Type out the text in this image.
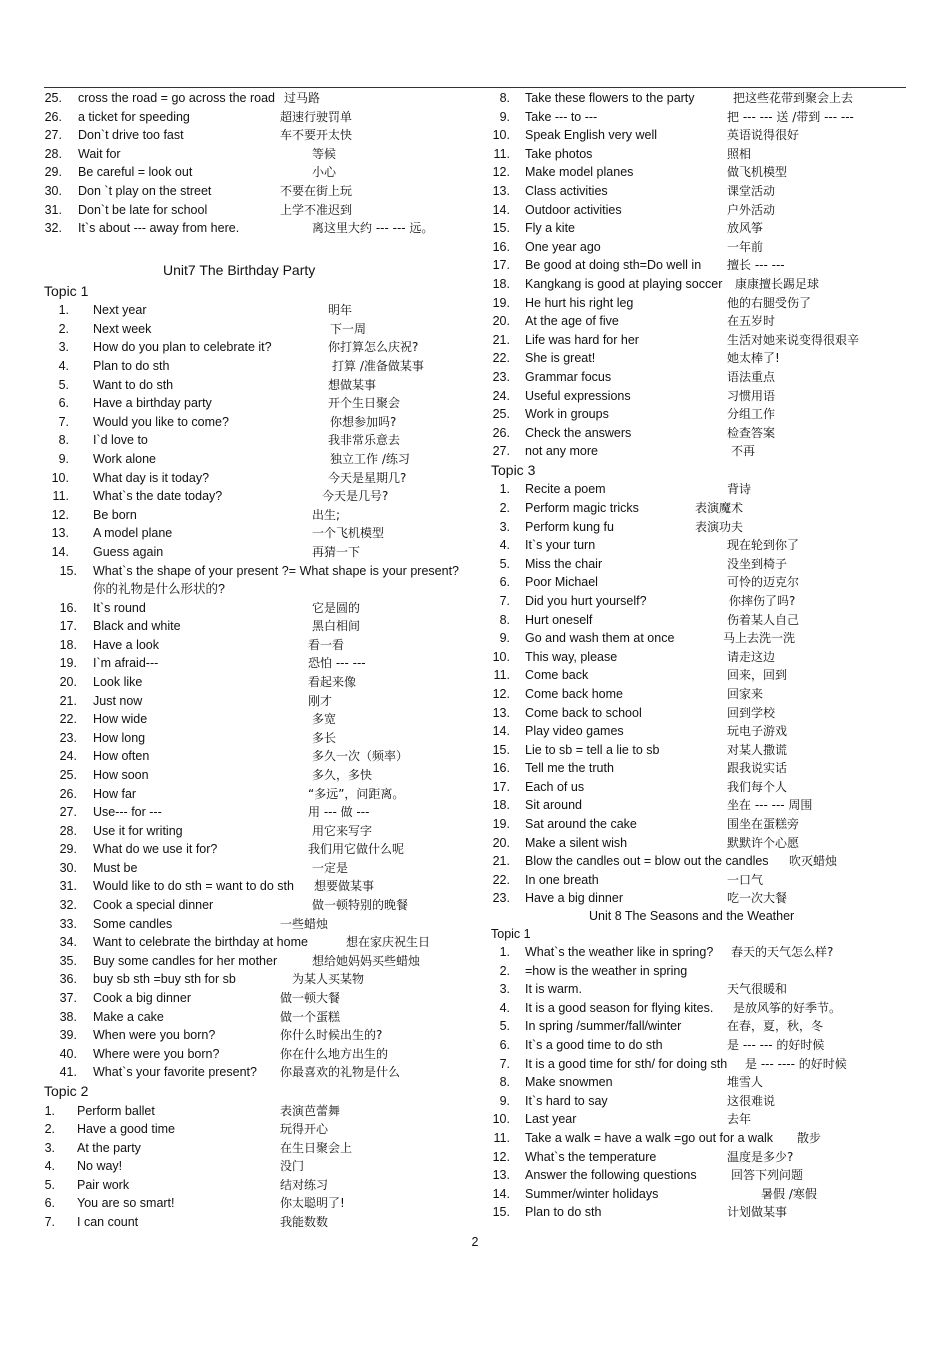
25. cross the road = go across the road 过马路
26. a ticket for speeding	超速行驶罚单
27. Don`t drive too fast	车不要开太快
28. Wait for	等候
29. Be careful = look out	小心
30. Don `t play on the street	不要在街上玩
31. Don`t be late for school	上学不准迟到
32. It`s about --- away from here.	离这里大约 --- --- 远。
Unit7 The Birthday Party
Topic 1
1. Next year	明年
2. Next week	下一周
3. How do you plan to celebrate it?	你打算怎么庆祝?
4. Plan to do sth	打算 /准备做某事
5. Want to do sth	想做某事
6. Have a birthday party	开个生日聚会
7. Would you like to come?	你想参加吗?
8. I`d love to	我非常乐意去
9. Work alone	独立工作 /练习
10. What day is it today?	今天是星期几?
11. What`s the date today?	今天是几号?
12. Be born	出生;
13. A model plane	一个飞机模型
14. Guess again	再猜一下
15. What`s the shape of your present ?= What shape is your present?你的礼物是什么形状的?
16. It`s round	它是圆的
17. Black and white	黑白相间
18. Have a look	看一看
19. I`m afraid---	恐怕 --- ---
20. Look like	看起来像
21. Just now	刚才
22. How wide	多宽
23. How long	多长
24. How often	多久一次（频率）
25. How soon	多久，多快
26. How far	“多远”，问距离。
27. Use--- for ---	用 --- 做 ---
28. Use it for writing	用它来写字
29. What do we use it for?	我们用它做什么呢
30. Must be	一定是
31. Would like to do sth = want to do sth 想要做某事
32. Cook a special dinner	做一顿特别的晚餐
33. Some candles	一些蜡烛
34. Want to celebrate the birthday at home	想在家庆祝生日
35. Buy some candles for her mother	想给她妈妈买些蜡烛
36. buy sb sth =buy sth for sb	为某人买某物
37. Cook a big dinner	做一顿大餐
38. Make a cake	做一个蛋糕
39. When were you born?	你什么时候出生的?
40. Where were you born?	你在什么地方出生的
41. What`s your favorite present? 你最喜欢的礼物是什么
Topic 2
1. Perform ballet	表演芭蕾舞
2. Have a good time	玩得开心
3. At the party	在生日聚会上
4. No way!	没门
5. Pair work	结对练习
6. You are so smart!	你太聪明了!
7. I can count	我能数数
8. Take these flowers to the party	把这些花带到聚会上去
9. Take --- to ---	把 --- --- 送 /带到 --- ---
10. Speak English very well	英语说得很好
11. Take photos	照相
12. Make model planes	做飞机模型
13. Class activities	课堂活动
14. Outdoor activities	户外活动
15. Fly a kite	放风筝
16. One year ago	一年前
17. Be good at doing sth=Do well in 擅长 --- ---
18. Kangkang is good at playing soccer 康康擅长踢足球
19. He hurt his right leg	他的右腿受伤了
20. At the age of five	在五岁时
21. Life was hard for her	生活对她来说变得很艰辛
22. She is great!	她太棒了!
23. Grammar focus	语法重点
24. Useful expressions	习惯用语
25. Work in groups	分组工作
26. Check the answers	检查答案
27. not any more	不再
Topic 3
1. Recite a poem	背诗
2. Perform magic tricks	表演魔术
3. Perform kung fu	表演功夫
4. It`s your turn	现在轮到你了
5. Miss the chair	没坐到椅子
6. Poor Michael	可怜的迈克尔
7. Did you hurt yourself?	你摔伤了吗?
8. Hurt oneself	伤着某人自己
9. Go and wash them at once	马上去洗一洗
10. This way, please	请走这边
11. Come back	回来，回到
12. Come back home	回家来
13. Come back to school	回到学校
14. Play video games	玩电子游戏
15. Lie to sb = tell a lie to sb	对某人撒谎
16. Tell me the truth	跟我说实话
17. Each of us	我们每个人
18. Sit around	坐在 --- --- 周围
19. Sat around the cake	围坐在蛋糕旁
20. Make a silent wish	默默许个心愿
21. Blow the candles out = blow out the candles 吹灭蜡烛
22. In one breath	一口气
23. Have a big dinner	吃一次大餐
Unit 8 The Seasons and the Weather
Topic 1
1. What`s the weather like in spring? 春天的天气怎么样?
2. =how is the weather in spring
3. It is warm.	天气很暖和
4. It is a good season for flying kites. 是放风筝的好季节。
5. In spring /summer/fall/winter	在春，夏，秋，冬
6. It`s a good time to do sth	是 --- --- 的好时候
7. It is a good time for sth/ for doing sth 是 --- ---- 的好时候
8. Make snowmen	堆雪人
9. It`s hard to say	这很难说
10. Last year	去年
11. Take a walk = have a walk =go out for a walk 散步
12. What`s the temperature	温度是多少?
13. Answer the following questions	回答下列问题
14. Summer/winter holidays	暑假 /寒假
15. Plan to do sth	计划做某事
2
